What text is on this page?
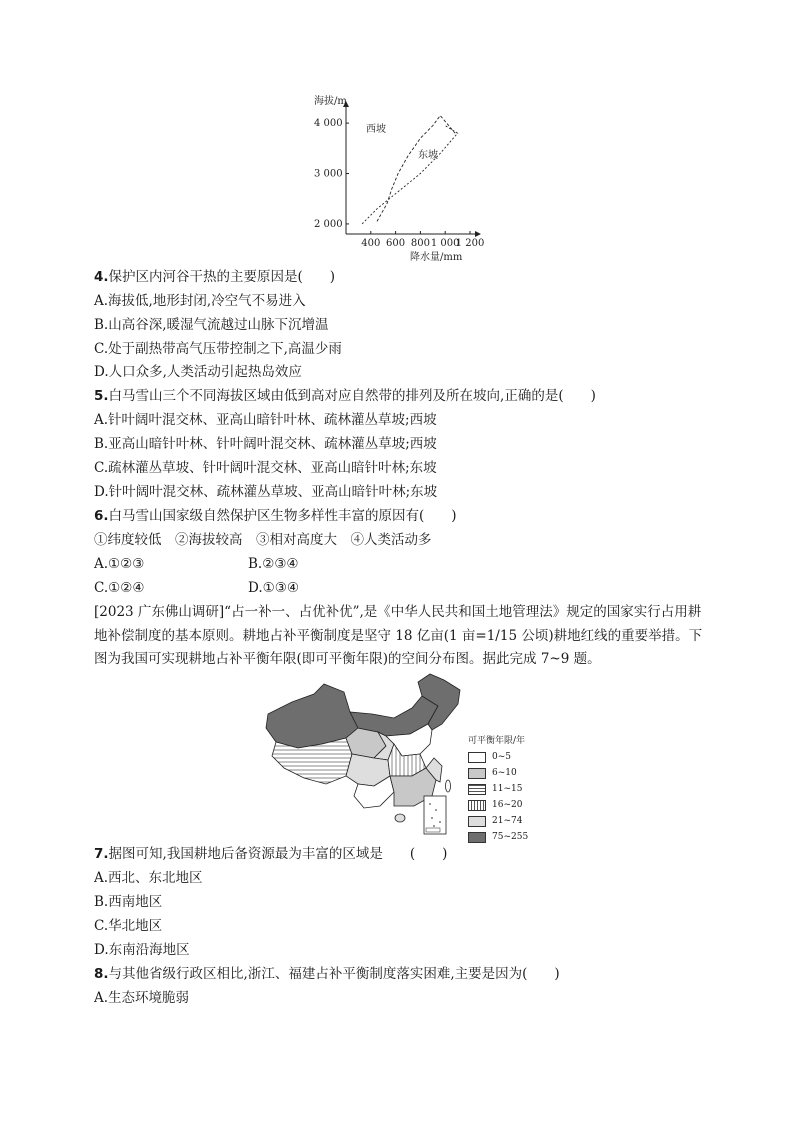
海拔/m
降水量/mm
4 000
3 000
2 000
400 600 800 1 000
1 200
西坡
东坡
4.保护区内河谷干热的主要原因是(　　)
A.海拔低,地形封闭,冷空气不易进入
B.山高谷深,暖湿气流越过山脉下沉增温
C.处于副热带高气压带控制之下,高温少雨
D.人口众多,人类活动引起热岛效应
5.白马雪山三个不同海拔区域由低到高对应自然带的排列及所在坡向,正确的是(　　)
A.针叶阔叶混交林、亚高山暗针叶林、疏林灌丛草坡;西坡
B.亚高山暗针叶林、针叶阔叶混交林、疏林灌丛草坡;西坡
C.疏林灌丛草坡、针叶阔叶混交林、亚高山暗针叶林;东坡
D.针叶阔叶混交林、疏林灌丛草坡、亚高山暗针叶林;东坡
6.白马雪山国家级自然保护区生物多样性丰富的原因有(　　)
①纬度较低　②海拔较高　③相对高度大　④人类活动多
A.①②③	B.②③④
C.①②④	D.①③④
[2023 广东佛山调研]“占一补一、占优补优”,是《中华人民共和国土地管理法》规定的国家实行占用耕地补偿制度的基本原则。耕地占补平衡制度是坚守 18 亿亩(1 亩=1/15 公顷)耕地红线的重要举措。下图为我国可实现耕地占补平衡年限(即可平衡年限)的空间分布图。据此完成 7~9 题。
可平衡年限/年
0~5
6~10
11~15
16~20
21~74
75~255
7.据图可知,我国耕地后备资源最为丰富的区域是　　(　　)
A.西北、东北地区
B.西南地区
C.华北地区
D.东南沿海地区
8.与其他省级行政区相比,浙江、福建占补平衡制度落实困难,主要是因为(　　)
A.生态环境脆弱
